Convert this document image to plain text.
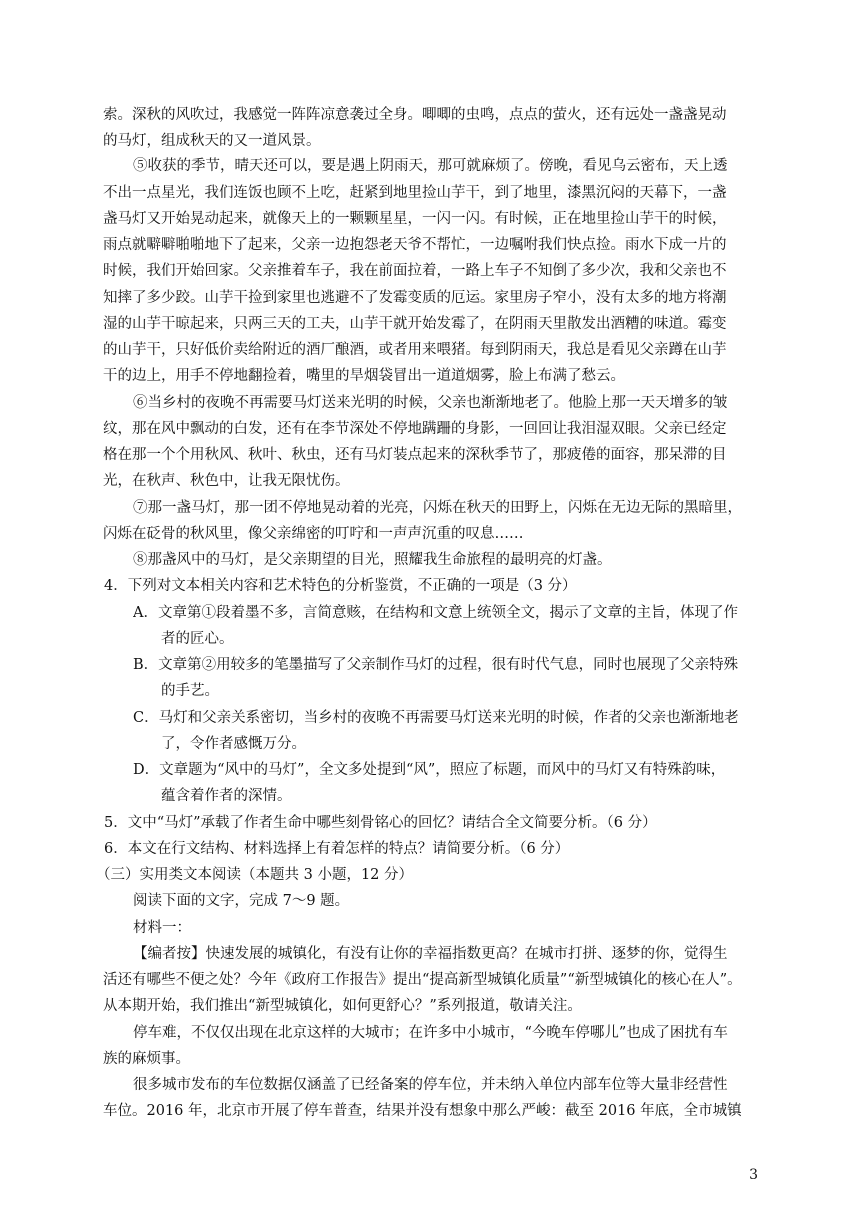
索。深秋的风吹过，我感觉一阵阵凉意袭过全身。唧唧的虫鸣，点点的萤火，还有远处一盏盏晃动
的马灯，组成秋天的又一道风景。
⑤收获的季节，晴天还可以，要是遇上阴雨天，那可就麻烦了。傍晚，看见乌云密布，天上透
不出一点星光，我们连饭也顾不上吃，赶紧到地里捡山芋干，到了地里，漆黑沉闷的天幕下，一盏
盏马灯又开始晃动起来，就像天上的一颗颗星星，一闪一闪。有时候，正在地里捡山芋干的时候，
雨点就噼噼啪啪地下了起来，父亲一边抱怨老天爷不帮忙，一边嘱咐我们快点捡。雨水下成一片的
时候，我们开始回家。父亲推着车子，我在前面拉着，一路上车子不知倒了多少次，我和父亲也不
知摔了多少跤。山芋干捡到家里也逃避不了发霉变质的厄运。家里房子窄小，没有太多的地方将潮
湿的山芋干晾起来，只两三天的工夫，山芋干就开始发霉了，在阴雨天里散发出酒糟的味道。霉变
的山芋干，只好低价卖给附近的酒厂酿酒，或者用来喂猪。每到阴雨天，我总是看见父亲蹲在山芋
干的边上，用手不停地翻捡着，嘴里的旱烟袋冒出一道道烟雾，脸上布满了愁云。
⑥当乡村的夜晚不再需要马灯送来光明的时候，父亲也渐渐地老了。他脸上那一天天增多的皱
纹，那在风中飘动的白发，还有在李节深处不停地蹒跚的身影，一回回让我泪湿双眼。父亲已经定
格在那一个个用秋风、秋叶、秋虫，还有马灯装点起来的深秋季节了，那疲倦的面容，那呆滞的目
光，在秋声、秋色中，让我无限忧伤。
⑦那一盏马灯，那一团不停地晃动着的光亮，闪烁在秋天的田野上，闪烁在无边无际的黑暗里，
闪烁在砭骨的秋风里，像父亲绵密的叮咛和一声声沉重的叹息……
⑧那盏风中的马灯，是父亲期望的目光，照耀我生命旅程的最明亮的灯盏。
4．下列对文本相关内容和艺术特色的分析鉴赏，不正确的一项是（3 分）
A．文章第①段着墨不多，言简意赅，在结构和文意上统领全文，揭示了文章的主旨，体现了作
者的匠心。
B．文章第②用较多的笔墨描写了父亲制作马灯的过程，很有时代气息，同时也展现了父亲特殊
的手艺。
C．马灯和父亲关系密切，当乡村的夜晚不再需要马灯送来光明的时候，作者的父亲也渐渐地老
了，令作者感慨万分。
D．文章题为“风中的马灯”，全文多处提到“风”，照应了标题，而风中的马灯又有特殊韵味，
蕴含着作者的深情。
5．文中“马灯”承载了作者生命中哪些刻骨铭心的回忆？请结合全文简要分析。（6 分）
6．本文在行文结构、材料选择上有着怎样的特点？请简要分析。（6 分）
（三）实用类文本阅读（本题共 3 小题，12 分）
阅读下面的文字，完成 7～9 题。
材料一：
【编者按】快速发展的城镇化，有没有让你的幸福指数更高？在城市打拼、逐梦的你，觉得生
活还有哪些不便之处？今年《政府工作报告》提出“提高新型城镇化质量”“新型城镇化的核心在人”。
从本期开始，我们推出“新型城镇化，如何更舒心？”系列报道，敬请关注。
停车难，不仅仅出现在北京这样的大城市；在许多中小城市，“今晚车停哪儿”也成了困扰有车
族的麻烦事。
很多城市发布的车位数据仅涵盖了已经备案的停车位，并未纳入单位内部车位等大量非经营性
车位。2016 年，北京市开展了停车普查，结果并没有想象中那么严峻：截至 2016 年底，全市城镇
3
